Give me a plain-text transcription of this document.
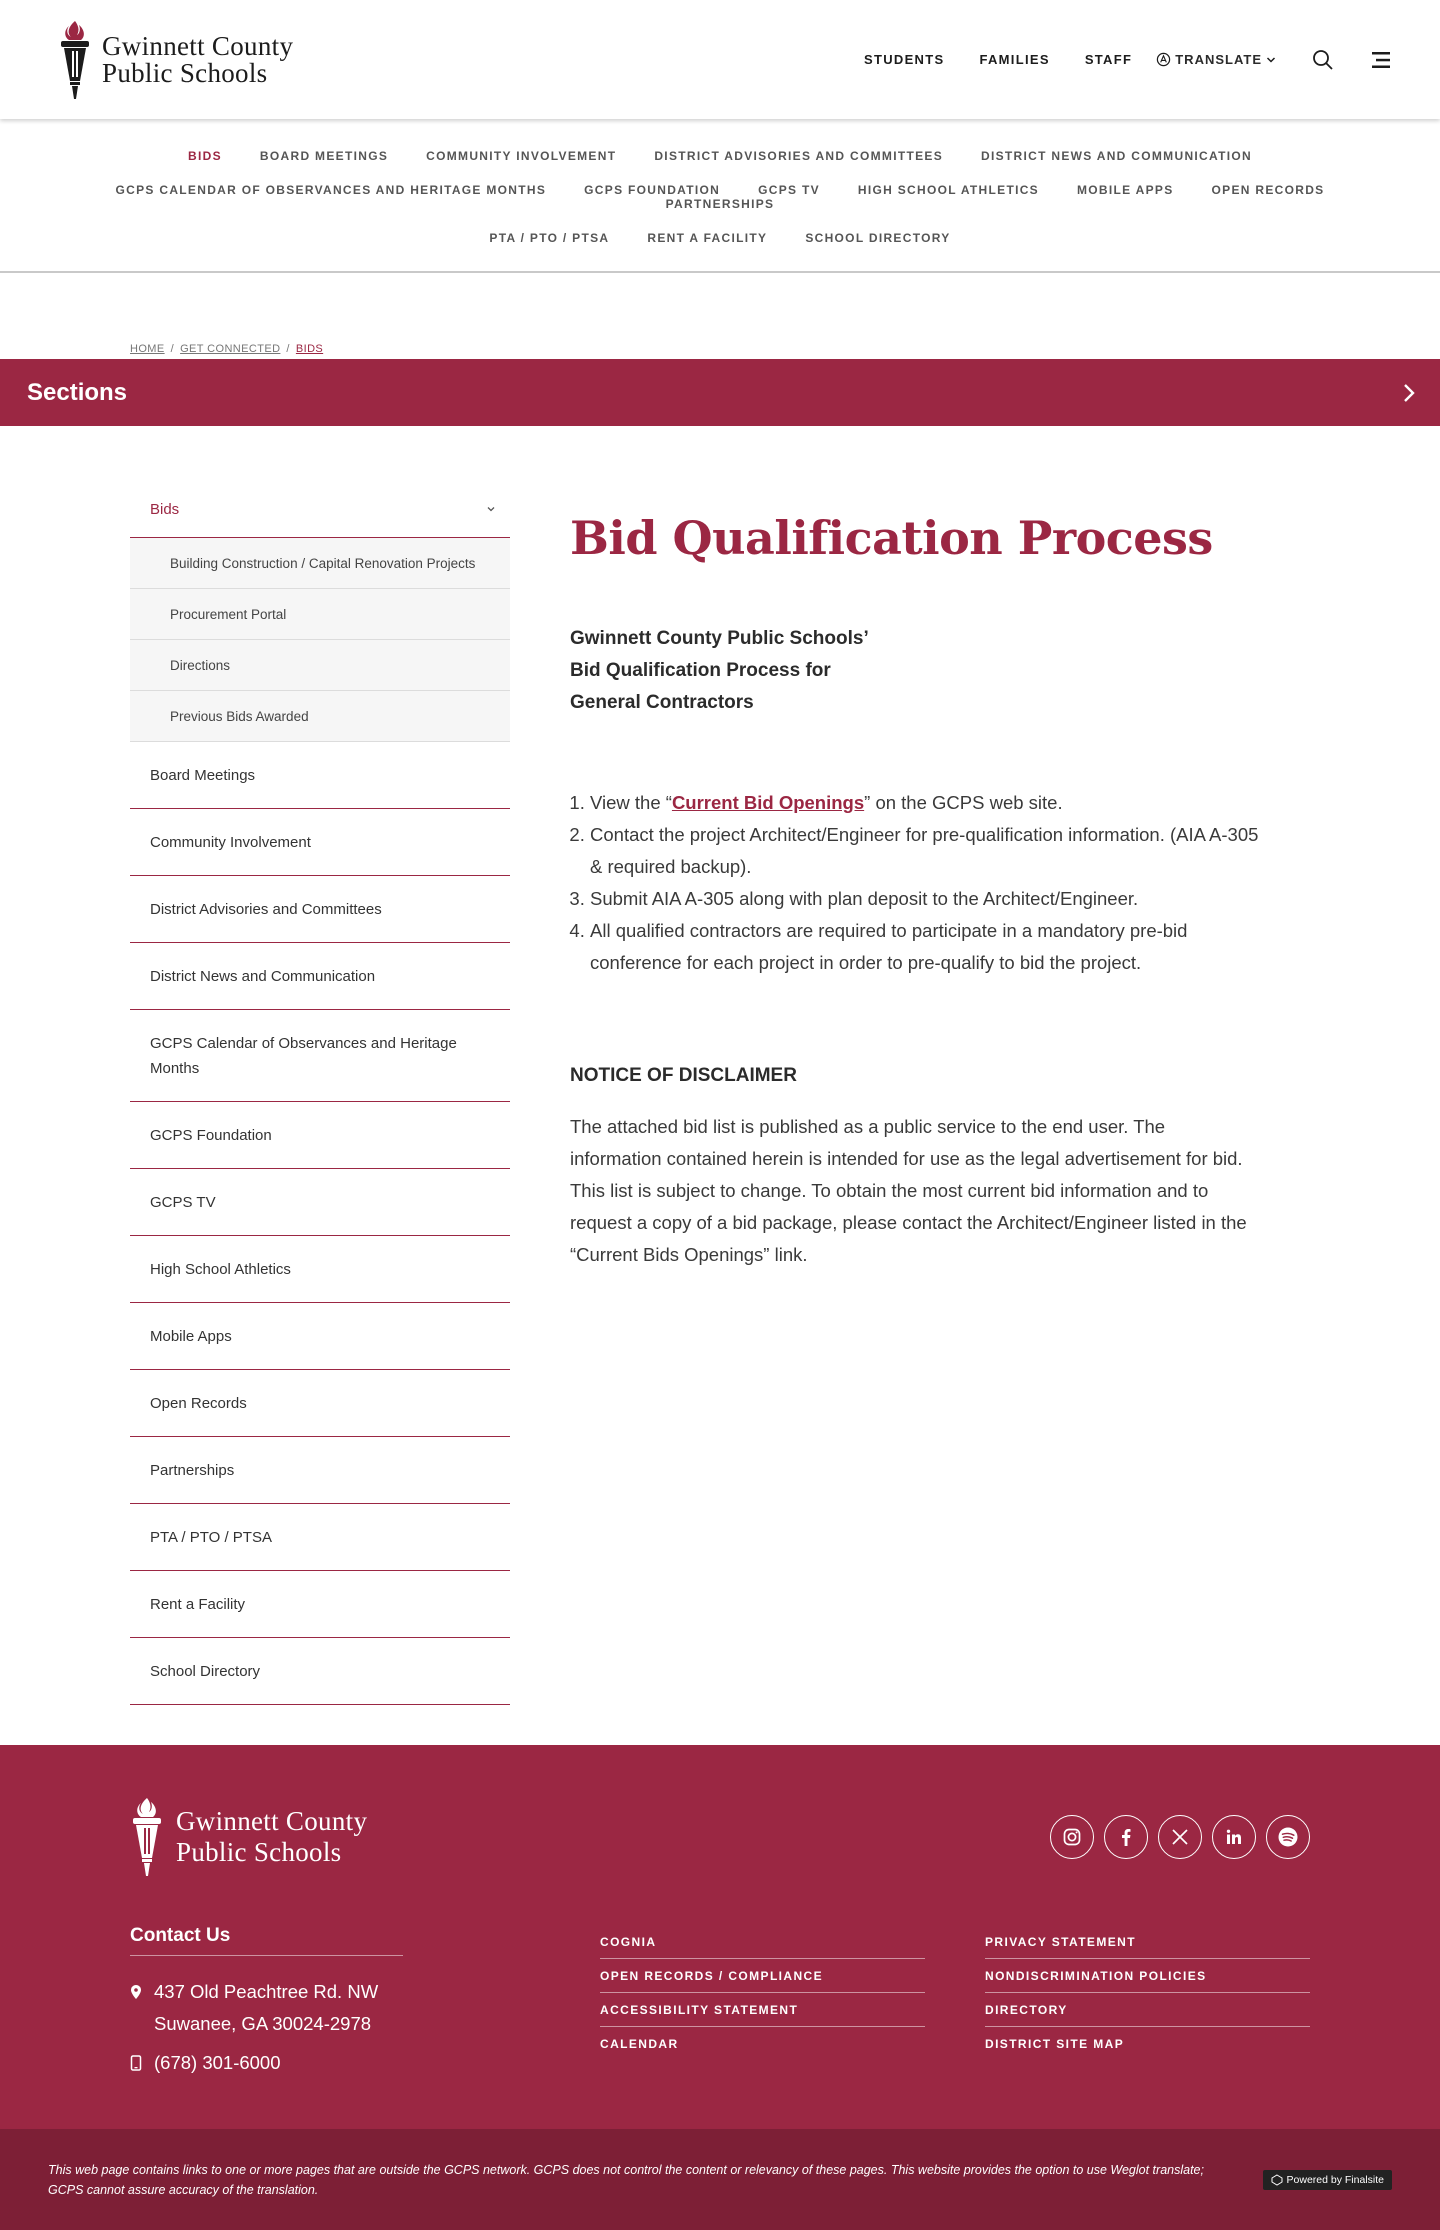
Gwinnett County
Public Schools	STUDENTS	FAMILIES	STAFF	TRANSLATE
BIDS	BOARD MEETINGS	COMMUNITY INVOLVEMENT	DISTRICT ADVISORIES AND COMMITTEES	DISTRICT NEWS AND COMMUNICATION
GCPS CALENDAR OF OBSERVANCES AND HERITAGE MONTHS	GCPS FOUNDATION	GCPS TV	HIGH SCHOOL ATHLETICS	MOBILE APPS	OPEN RECORDS
PARTNERSHIPS
PTA / PTO / PTSA	RENT A FACILITY	SCHOOL DIRECTORY
HOME / GET CONNECTED / BIDS
Sections
Bids
Building Construction / Capital Renovation Projects
Procurement Portal
Directions
Previous Bids Awarded
Board Meetings
Community Involvement
District Advisories and Committees
District News and Communication
GCPS Calendar of Observances and Heritage Months
GCPS Foundation
GCPS TV
High School Athletics
Mobile Apps
Open Records
Partnerships
PTA / PTO / PTSA
Rent a Facility
School Directory
Bid Qualification Process
Gwinnett County Public Schools’
Bid Qualification Process for
General Contractors
1. View the “Current Bid Openings” on the GCPS web site.
2. Contact the project Architect/Engineer for pre-qualification information. (AIA A-305 & required backup).
3. Submit AIA A-305 along with plan deposit to the Architect/Engineer.
4. All qualified contractors are required to participate in a mandatory pre-bid conference for each project in order to pre-qualify to bid the project.
NOTICE OF DISCLAIMER

The attached bid list is published as a public service to the end user. The information contained herein is intended for use as the legal advertisement for bid. This list is subject to change. To obtain the most current bid information and to request a copy of a bid package, please contact the Architect/Engineer listed in the “Current Bids Openings” link.

Gwinnett County
Public Schools
Contact Us
437 Old Peachtree Rd. NW
Suwanee, GA 30024-2978
(678) 301-6000
COGNIA
OPEN RECORDS / COMPLIANCE
ACCESSIBILITY STATEMENT
CALENDAR
PRIVACY STATEMENT
NONDISCRIMINATION POLICIES
DIRECTORY
DISTRICT SITE MAP

This web page contains links to one or more pages that are outside the GCPS network. GCPS does not control the content or relevancy of these pages. This website provides the option to use Weglot translate; GCPS cannot assure accuracy of the translation.

Powered by Finalsite
